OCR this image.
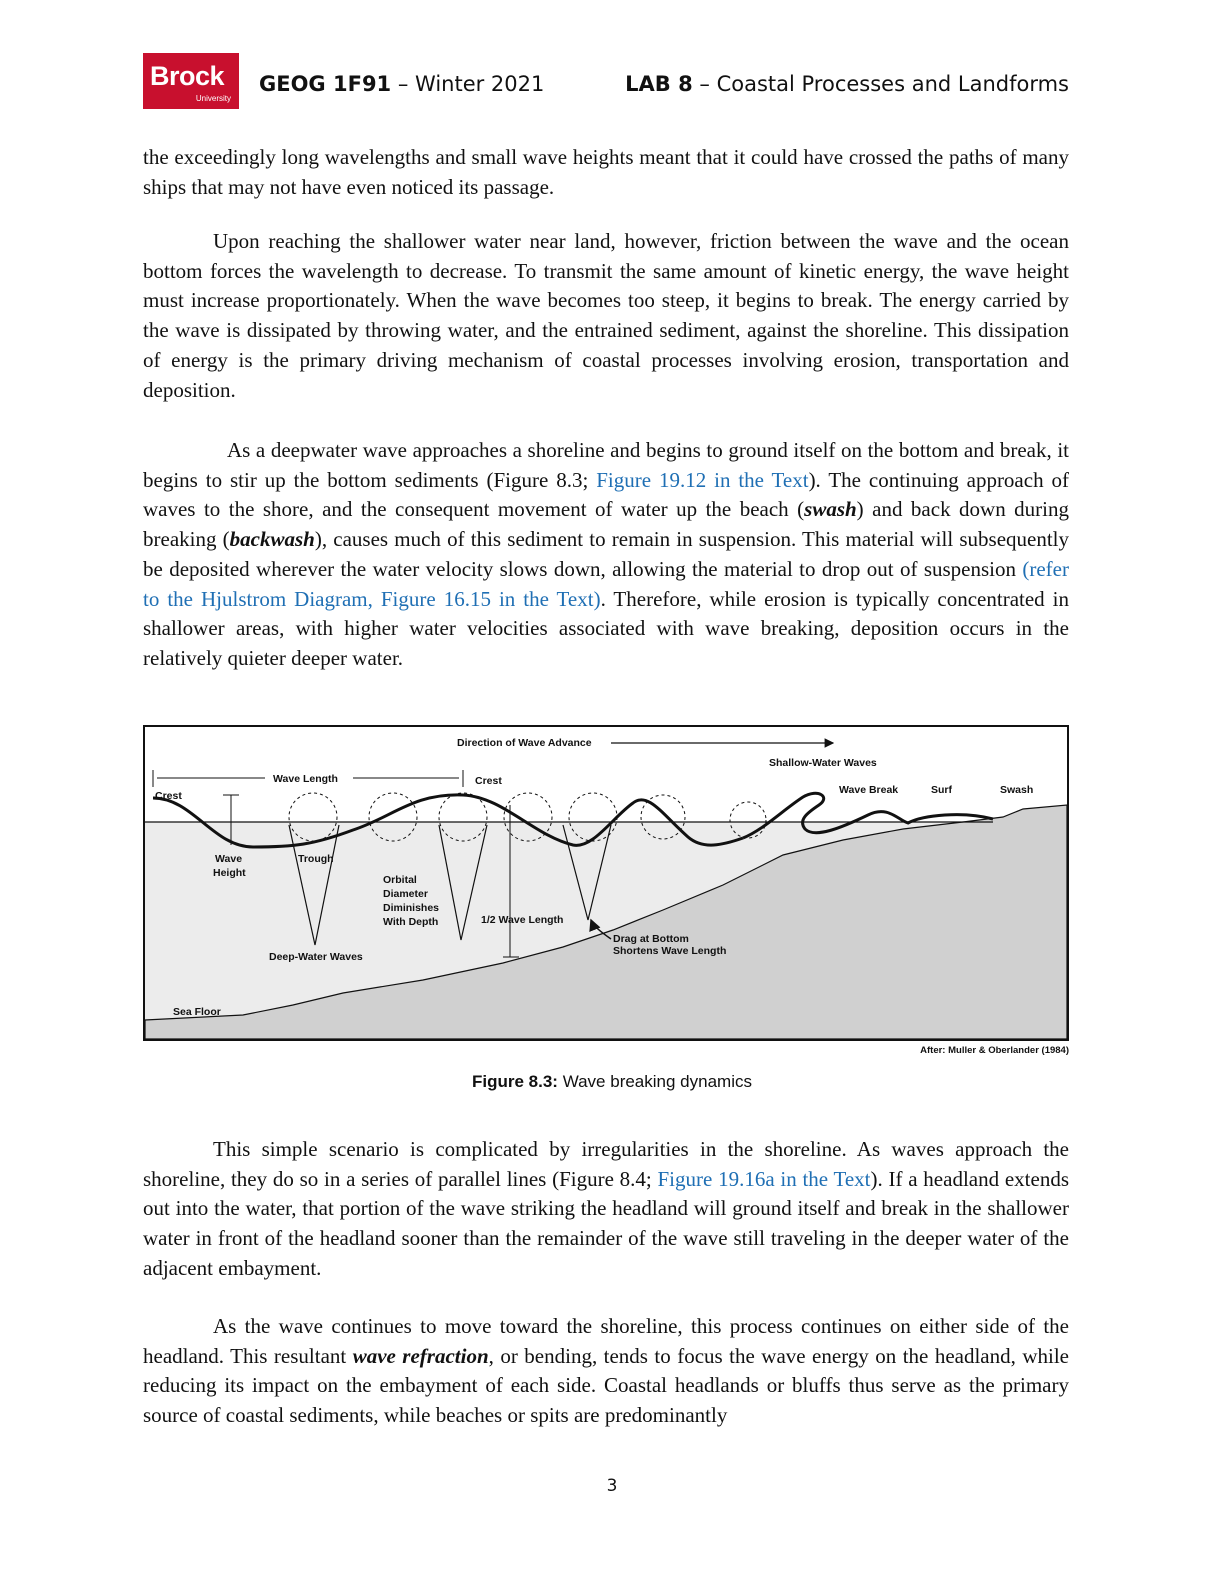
Brock
University
GEOG 1F91 – Winter 2021	LAB 8 – Coastal Processes and Landforms

the exceedingly long wavelengths and small wave heights meant that it could have crossed the paths of many ships that may not have even noticed its passage.

Upon reaching the shallower water near land, however, friction between the wave and the ocean bottom forces the wavelength to decrease. To transmit the same amount of kinetic energy, the wave height must increase proportionately. When the wave becomes too steep, it begins to break. The energy carried by the wave is dissipated by throwing water, and the entrained sediment, against the shoreline. This dissipation of energy is the primary driving mechanism of coastal processes involving erosion, transportation and deposition.

As a deepwater wave approaches a shoreline and begins to ground itself on the bottom and break, it begins to stir up the bottom sediments (Figure 8.3; Figure 19.12 in the Text). The continuing approach of waves to the shore, and the consequent movement of water up the beach (swash) and back down during breaking (backwash), causes much of this sediment to remain in suspension. This material will subsequently be deposited wherever the water velocity slows down, allowing the material to drop out of suspension (refer to the Hjulstrom Diagram, Figure 16.15 in the Text). Therefore, while erosion is typically concentrated in shallower areas, with higher water velocities associated with wave breaking, deposition occurs in the relatively quieter deeper water.

Direction of Wave Advance
Shallow-Water Waves
Wave Length
Crest
Crest
Wave Break	Surf	Swash
Wave
Height
Trough
Orbital
Diameter
Diminishes
With Depth	1/2 Wave Length
Drag at Bottom
Shortens Wave Length
Deep-Water Waves
Sea Floor
After: Muller & Oberlander (1984)
Figure 8.3: Wave breaking dynamics

This simple scenario is complicated by irregularities in the shoreline. As waves approach the shoreline, they do so in a series of parallel lines (Figure 8.4; Figure 19.16a in the Text). If a headland extends out into the water, that portion of the wave striking the headland will ground itself and break in the shallower water in front of the headland sooner than the remainder of the wave still traveling in the deeper water of the adjacent embayment.

As the wave continues to move toward the shoreline, this process continues on either side of the headland. This resultant wave refraction, or bending, tends to focus the wave energy on the headland, while reducing its impact on the embayment of each side. Coastal headlands or bluffs thus serve as the primary source of coastal sediments, while beaches or spits are predominantly

3
